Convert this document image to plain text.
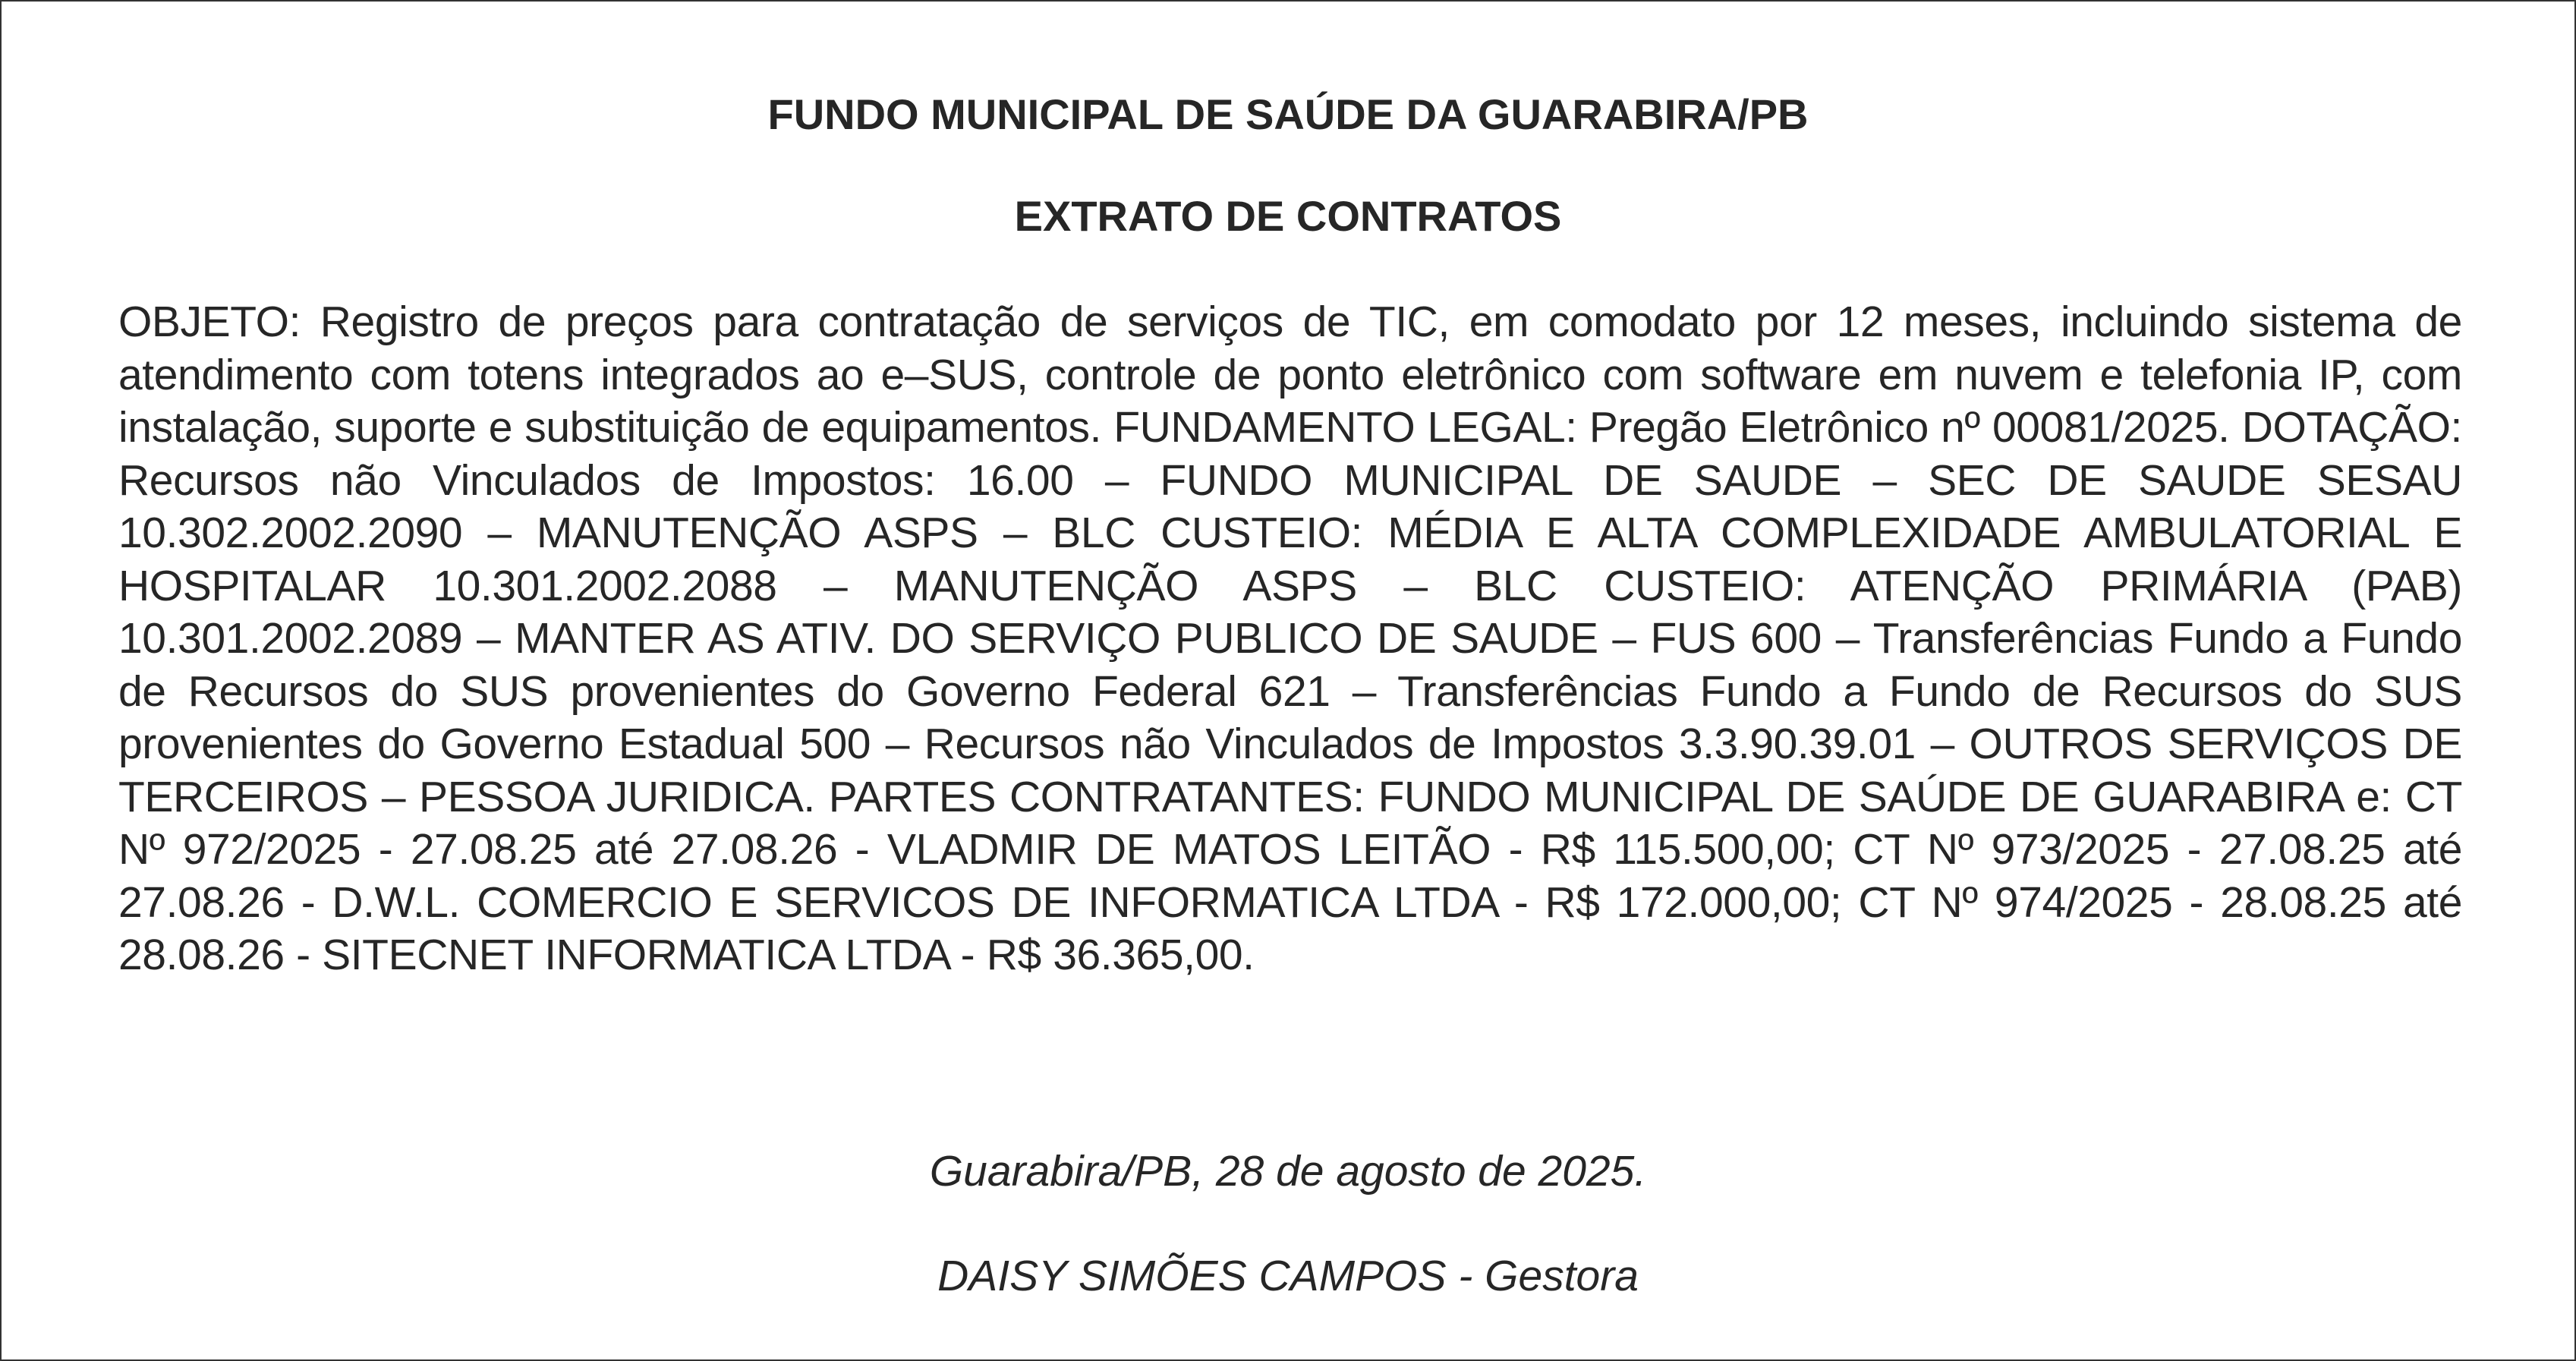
FUNDO MUNICIPAL DE SAÚDE DA GUARABIRA/PB
EXTRATO DE CONTRATOS

OBJETO: Registro de preços para contratação de serviços de TIC, em comodato por 12 meses, incluindo sistema de atendimento com totens integrados ao e–SUS, controle de ponto eletrônico com software em nuvem e telefonia IP, com instalação, suporte e substituição de equipamentos. FUNDAMENTO LEGAL: Pregão Eletrônico nº 00081/2025. DOTAÇÃO: Recursos não Vinculados de Impostos: 16.00 – FUNDO MUNICIPAL DE SAUDE – SEC DE SAUDE SESAU 10.302.2002.2090 – MANUTENÇÃO ASPS – BLC CUSTEIO: MÉDIA E ALTA COMPLEXIDADE AMBULATORIAL E HOSPITALAR 10.301.2002.2088 – MANUTENÇÃO ASPS – BLC CUSTEIO: ATENÇÃO PRIMÁRIA (PAB) 10.301.2002.2089 – MANTER AS ATIV. DO SERVIÇO PUBLICO DE SAUDE – FUS 600 – Transferências Fundo a Fundo de Recursos do SUS provenientes do Governo Federal 621 – Transferências Fundo a Fundo de Recursos do SUS provenientes do Governo Estadual 500 – Recursos não Vinculados de Impostos 3.3.90.39.01 – OUTROS SERVIÇOS DE TERCEIROS – PESSOA JURIDICA. PARTES CONTRATANTES: FUNDO MUNICIPAL DE SAÚDE DE GUARABIRA e: CT Nº 972/2025 - 27.08.25 até 27.08.26 - VLADMIR DE MATOS LEITÃO - R$ 115.500,00; CT Nº 973/2025 - 27.08.25 até 27.08.26 - D.W.L. COMERCIO E SERVICOS DE INFORMATICA LTDA - R$ 172.000,00; CT Nº 974/2025 - 28.08.25 até 28.08.26 - SITECNET INFORMATICA LTDA - R$ 36.365,00.

Guarabira/PB, 28 de agosto de 2025.

DAISY SIMÕES CAMPOS - Gestora
